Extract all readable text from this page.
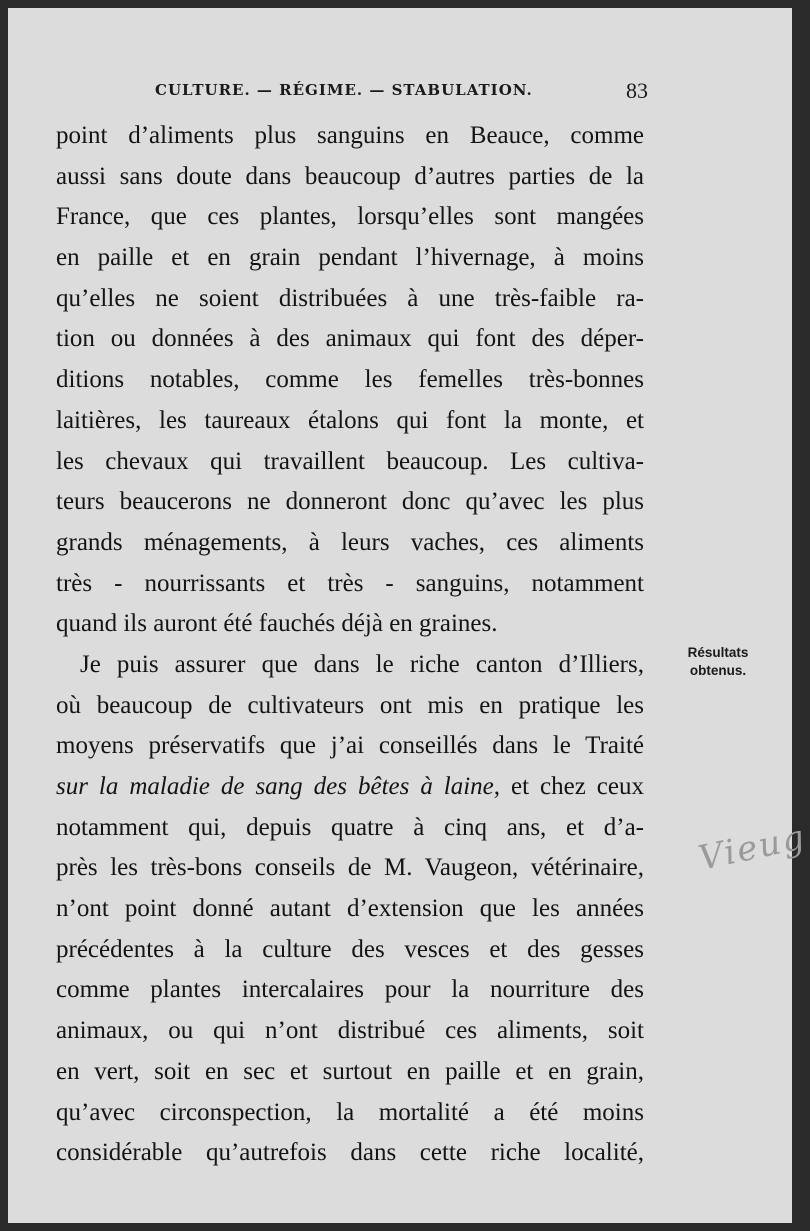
CULTURE. — RÉGIME. — STABULATION.	83
point d’aliments plus sanguins en Beauce, comme
aussi sans doute dans beaucoup d’autres parties de la
France, que ces plantes, lorsqu’elles sont mangées
en paille et en grain pendant l’hivernage, à moins
qu’elles ne soient distribuées à une très-faible ra-
tion ou données à des animaux qui font des déper-
ditions notables, comme les femelles très-bonnes
laitières, les taureaux étalons qui font la monte, et
les chevaux qui travaillent beaucoup. Les cultiva-
teurs beaucerons ne donneront donc qu’avec les plus
grands ménagements, à leurs vaches, ces aliments
très - nourrissants et très - sanguins, notamment
quand ils auront été fauchés déjà en graines.
Je puis assurer que dans le riche canton d’Illiers,
où beaucoup de cultivateurs ont mis en pratique les
moyens préservatifs que j’ai conseillés dans le Traité
sur la maladie de sang des bêtes à laine, et chez ceux
notamment qui, depuis quatre à cinq ans, et d’a-
près les très-bons conseils de M. Vaugeon, vétérinaire,
n’ont point donné autant d’extension que les années
précédentes à la culture des vesces et des gesses
comme plantes intercalaires pour la nourriture des
animaux, ou qui n’ont distribué ces aliments, soit
en vert, soit en sec et surtout en paille et en grain,
qu’avec circonspection, la mortalité a été moins
considérable qu’autrefois dans cette riche localité,
Résultats
obtenus.
Vieug
